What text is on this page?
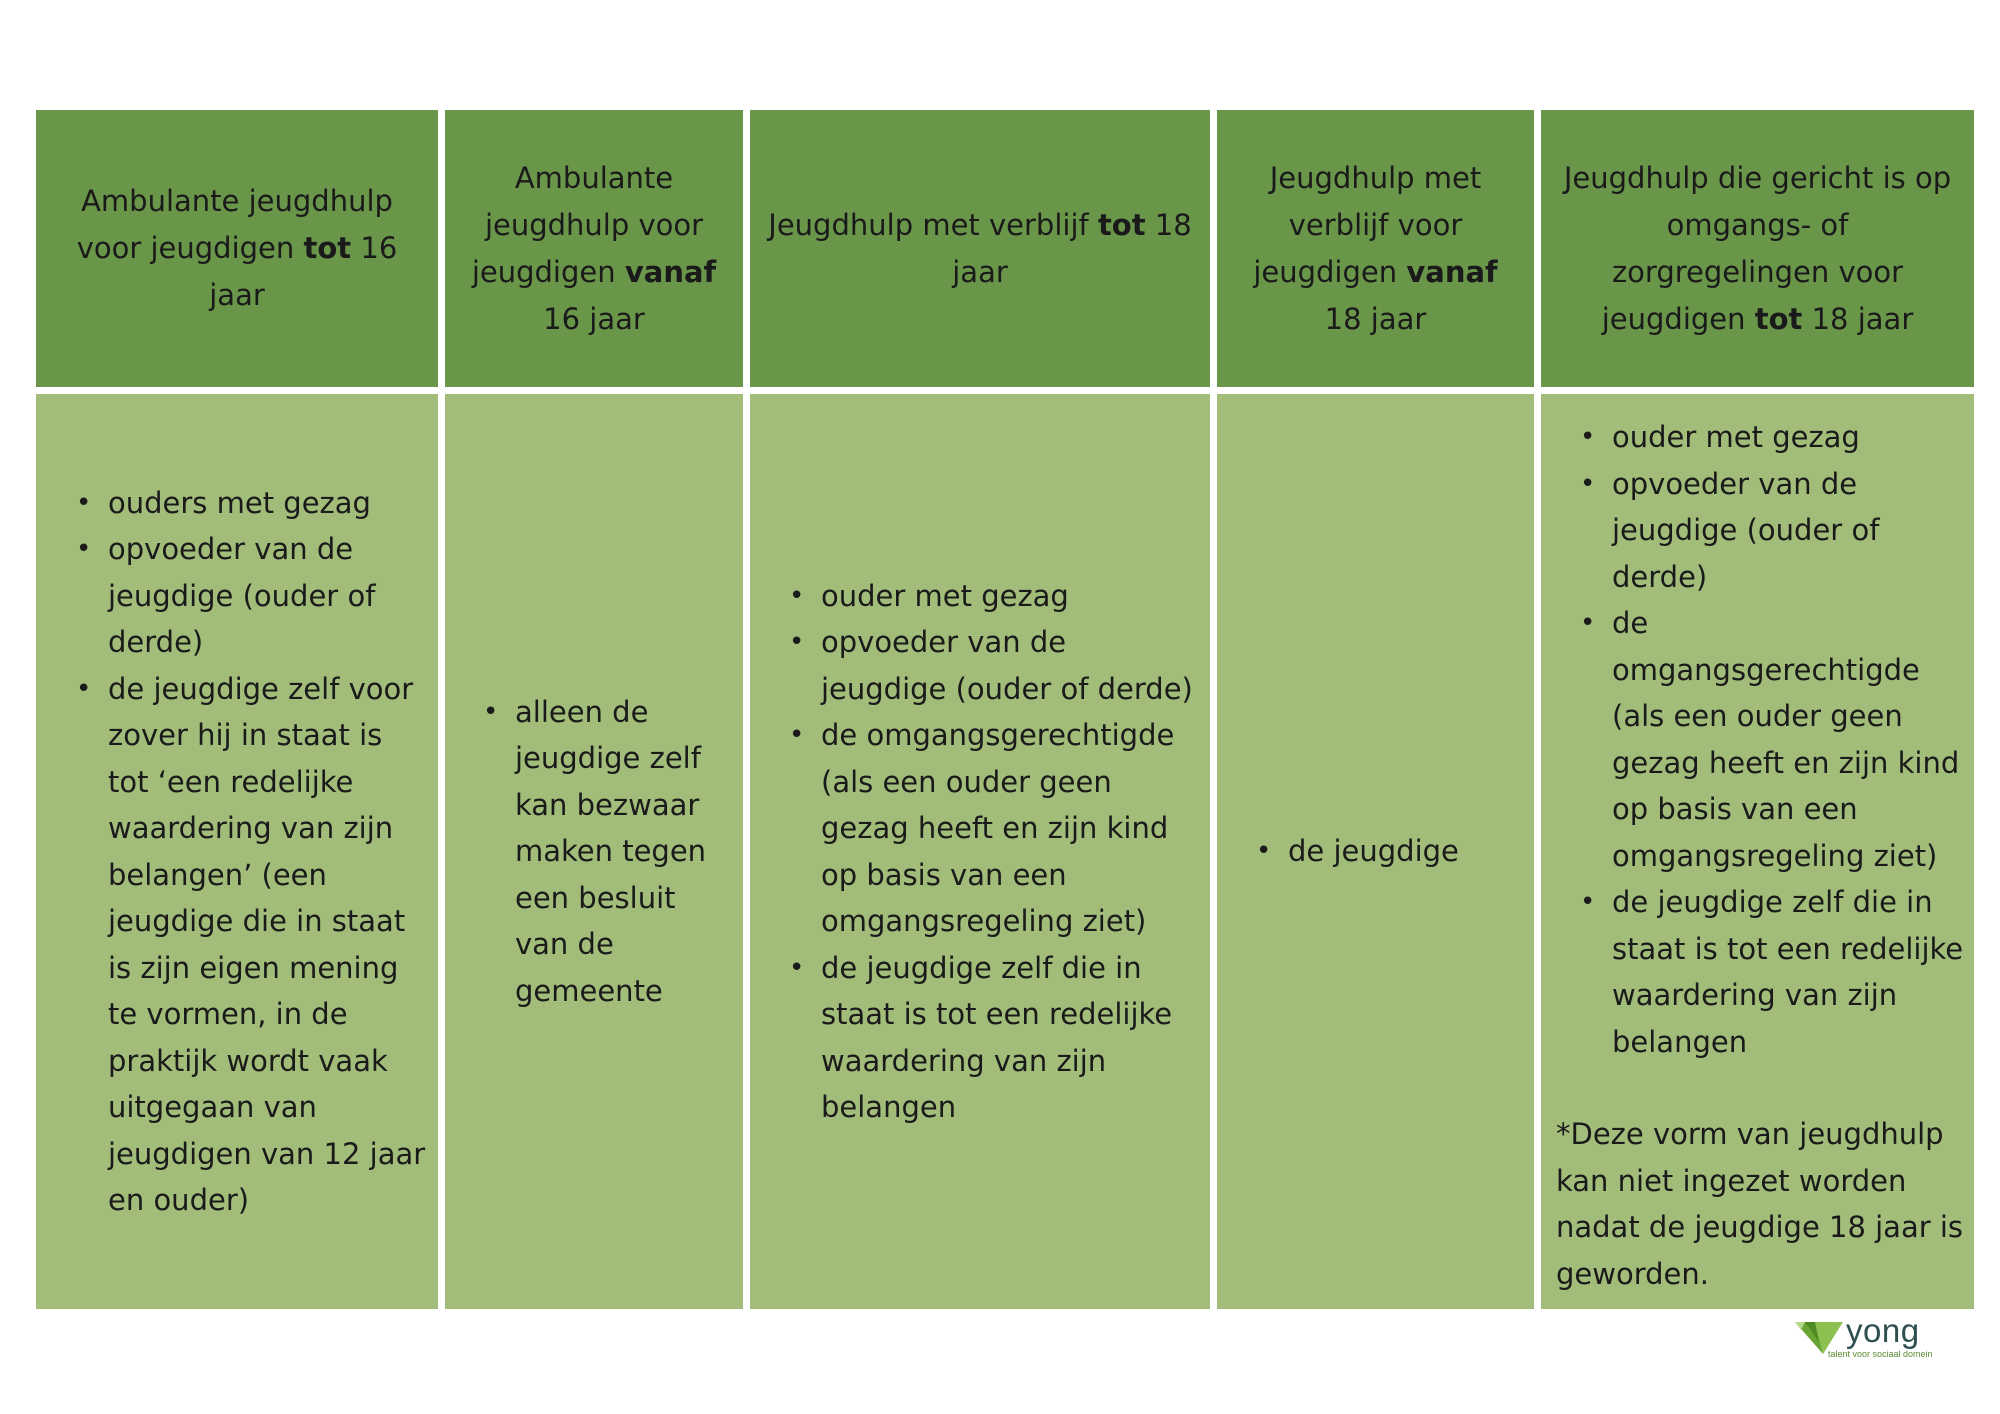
Ambulante jeugdhulp voor jeugdigen tot 16 jaar
Ambulante jeugdhulp voor jeugdigen vanaf 16 jaar
Jeugdhulp met verblijf tot 18 jaar
Jeugdhulp met verblijf voor jeugdigen vanaf 18 jaar
Jeugdhulp die gericht is op omgangs- of zorgregelingen voor jeugdigen tot 18 jaar
• ouders met gezag
• opvoeder van de jeugdige (ouder of derde)
• de jeugdige zelf voor zover hij in staat is tot ‘een redelijke waardering van zijn belangen’ (een jeugdige die in staat is zijn eigen mening te vormen, in de praktijk wordt vaak uitgegaan van jeugdigen van 12 jaar en ouder)
• alleen de jeugdige zelf kan bezwaar maken tegen een besluit van de gemeente
• ouder met gezag
• opvoeder van de jeugdige (ouder of derde)
• de omgangsgerechtigde (als een ouder geen gezag heeft en zijn kind op basis van een omgangsregeling ziet)
• de jeugdige zelf die in staat is tot een redelijke waardering van zijn belangen
• de jeugdige
• ouder met gezag
• opvoeder van de jeugdige (ouder of derde)
• de omgangsgerechtigde (als een ouder geen gezag heeft en zijn kind op basis van een omgangsregeling ziet)
• de jeugdige zelf die in staat is tot een redelijke waardering van zijn belangen
*Deze vorm van jeugdhulp kan niet ingezet worden nadat de jeugdige 18 jaar is geworden.
yong
talent voor sociaal domein
